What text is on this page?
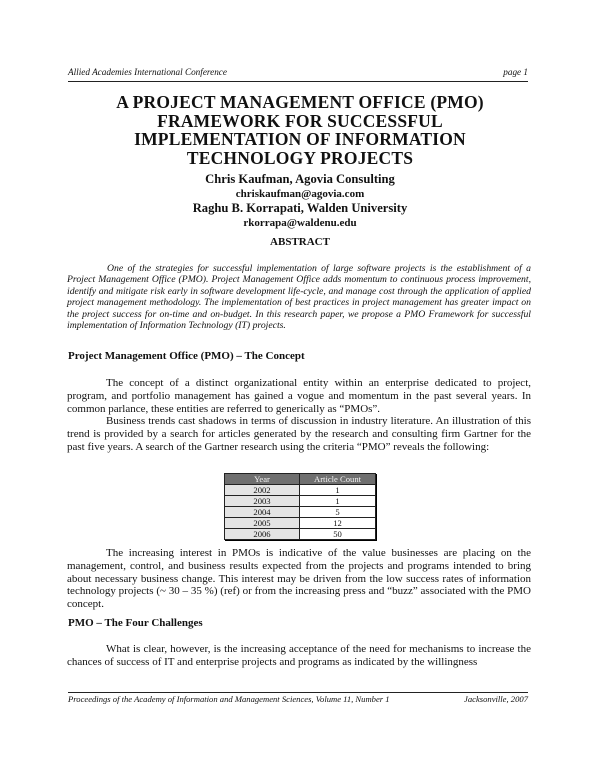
Allied Academies International Conference	page 1
A PROJECT MANAGEMENT OFFICE (PMO)
FRAMEWORK FOR SUCCESSFUL
IMPLEMENTATION OF INFORMATION
TECHNOLOGY PROJECTS
Chris Kaufman, Agovia Consulting
chriskaufman@agovia.com
Raghu B. Korrapati, Walden University
rkorrapa@waldenu.edu
ABSTRACT

One of the strategies for successful implementation of large software projects is the establishment of a Project Management Office (PMO). Project Management Office adds momentum to continuous process improvement, identify and mitigate risk early in software development life-cycle, and manage cost through the application of applied project management methodology. The implementation of best practices in project management has greater impact on the project success for on-time and on-budget. In this research paper, we propose a PMO Framework for successful implementation of Information Technology (IT) projects.

Project Management Office (PMO) – The Concept

The concept of a distinct organizational entity within an enterprise dedicated to project, program, and portfolio management has gained a vogue and momentum in the past several years. In common parlance, these entities are referred to generically as “PMOs”.

Business trends cast shadows in terms of discussion in industry literature. An illustration of this trend is provided by a search for articles generated by the research and consulting firm Gartner for the past five years. A search of the Gartner research using the criteria “PMO” reveals the following:

Year	Article Count
2002	1
2003	1
2004	5
2005	12
2006	50

The increasing interest in PMOs is indicative of the value businesses are placing on the management, control, and business results expected from the projects and programs intended to bring about necessary business change. This interest may be driven from the low success rates of information technology projects (~ 30 – 35 %) (ref) or from the increasing press and “buzz” associated with the PMO concept.

PMO – The Four Challenges

What is clear, however, is the increasing acceptance of the need for mechanisms to increase the chances of success of IT and enterprise projects and programs as indicated by the willingness

Proceedings of the Academy of Information and Management Sciences, Volume 11, Number 1	Jacksonville, 2007
